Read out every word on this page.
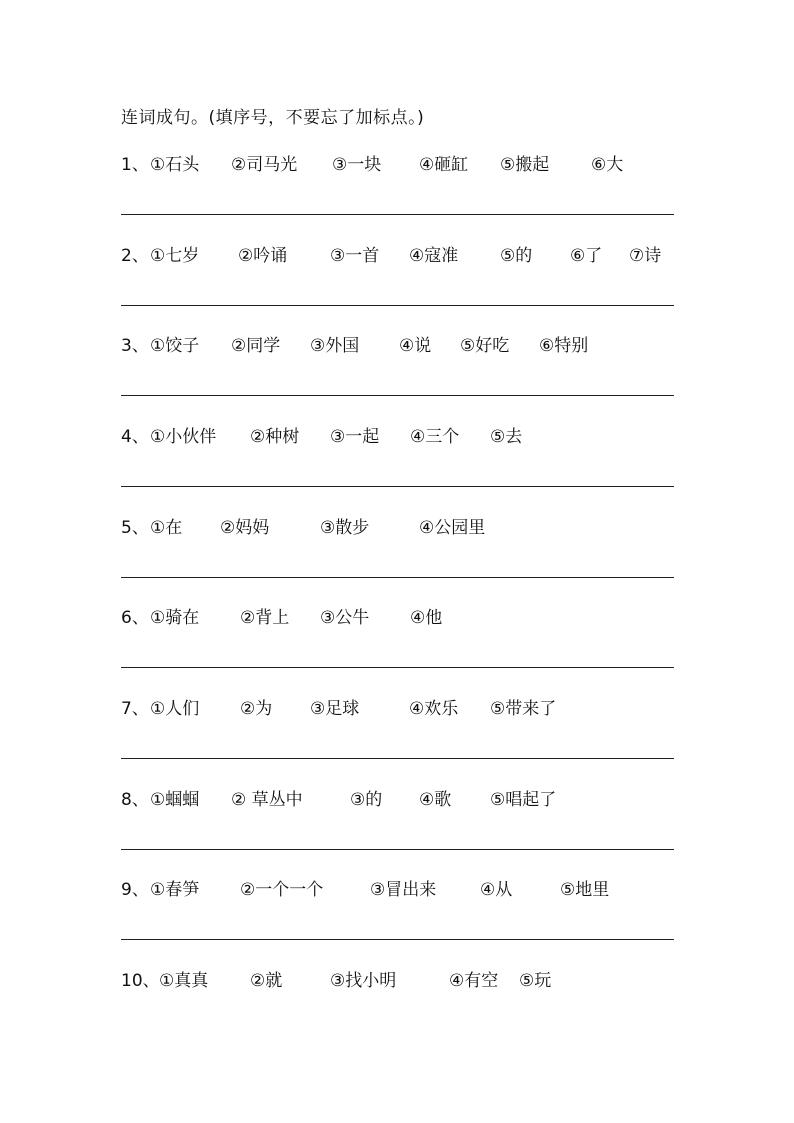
连词成句。(填序号，不要忘了加标点。)
1、 ①石头 ②司马光 ③一块 ④砸缸 ⑤搬起 ⑥大
2、 ①七岁 ②吟诵	③一首 ④寇准 ⑤的 ⑥了 ⑦诗
3、 ①饺子 ②同学 ③外国 ④说 ⑤好吃 ⑥特别
4、 ①小伙伴 ②种树 ③一起 ④三个 ⑤去
5、 ①在 ②妈妈	③散步	④公园里
6、 ①骑在 ②背上 ③公牛 ④他
7、 ①人们 ②为 ③足球	④欢乐 ⑤带来了
8、 ①蝈蝈 ② 草丛中	③的 ④歌 ⑤唱起了
9、 ①春笋 ②一个一个	③冒出来	④从	⑤地里
10、 ①真真 ②就	③找小明	④有空 ⑤玩
